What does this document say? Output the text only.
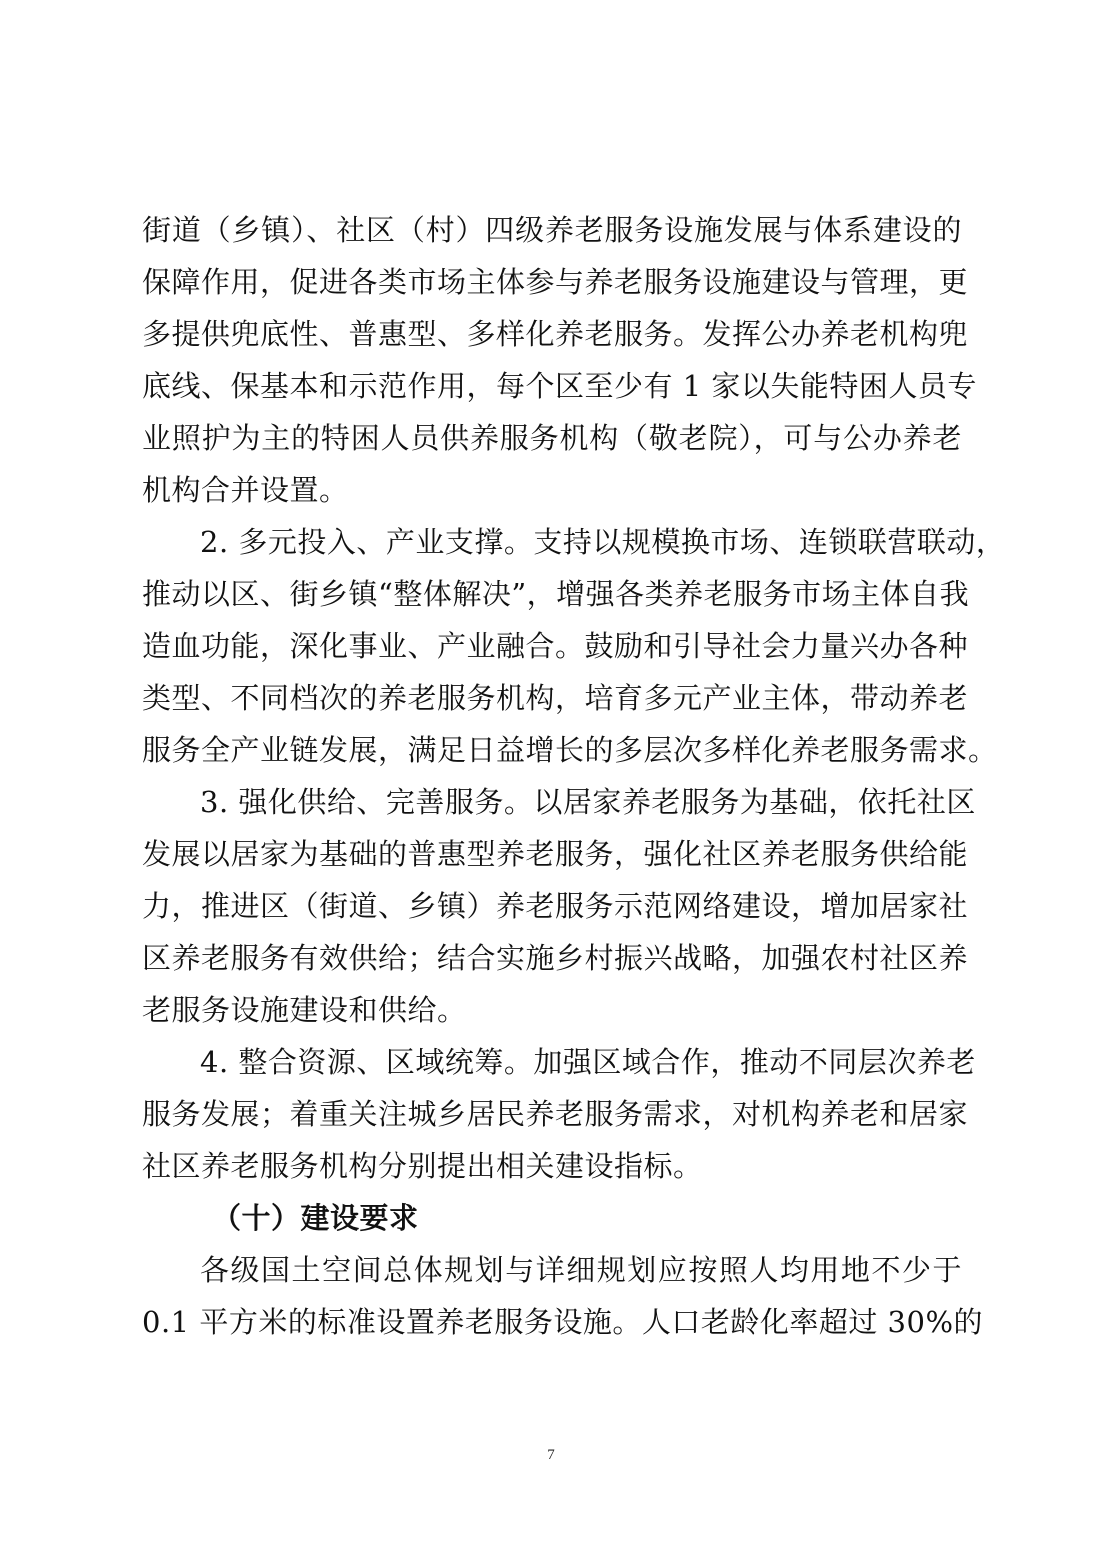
街道（乡镇）、社区（村）四级养老服务设施发展与体系建设的
保障作用，促进各类市场主体参与养老服务设施建设与管理，更
多提供兜底性、普惠型、多样化养老服务。发挥公办养老机构兜
底线、保基本和示范作用，每个区至少有 1 家以失能特困人员专
业照护为主的特困人员供养服务机构（敬老院），可与公办养老
机构合并设置。
2. 多元投入、产业支撑。支持以规模换市场、连锁联营联动，
推动以区、街乡镇“整体解决”，增强各类养老服务市场主体自我
造血功能，深化事业、产业融合。鼓励和引导社会力量兴办各种
类型、不同档次的养老服务机构，培育多元产业主体，带动养老
服务全产业链发展，满足日益增长的多层次多样化养老服务需求。
3. 强化供给、完善服务。以居家养老服务为基础，依托社区
发展以居家为基础的普惠型养老服务，强化社区养老服务供给能
力，推进区（街道、乡镇）养老服务示范网络建设，增加居家社
区养老服务有效供给；结合实施乡村振兴战略，加强农村社区养
老服务设施建设和供给。
4. 整合资源、区域统筹。加强区域合作，推动不同层次养老
服务发展；着重关注城乡居民养老服务需求，对机构养老和居家
社区养老服务机构分别提出相关建设指标。
（十）建设要求
各级国土空间总体规划与详细规划应按照人均用地不少于
0.1 平方米的标准设置养老服务设施。人口老龄化率超过 30%的
7
